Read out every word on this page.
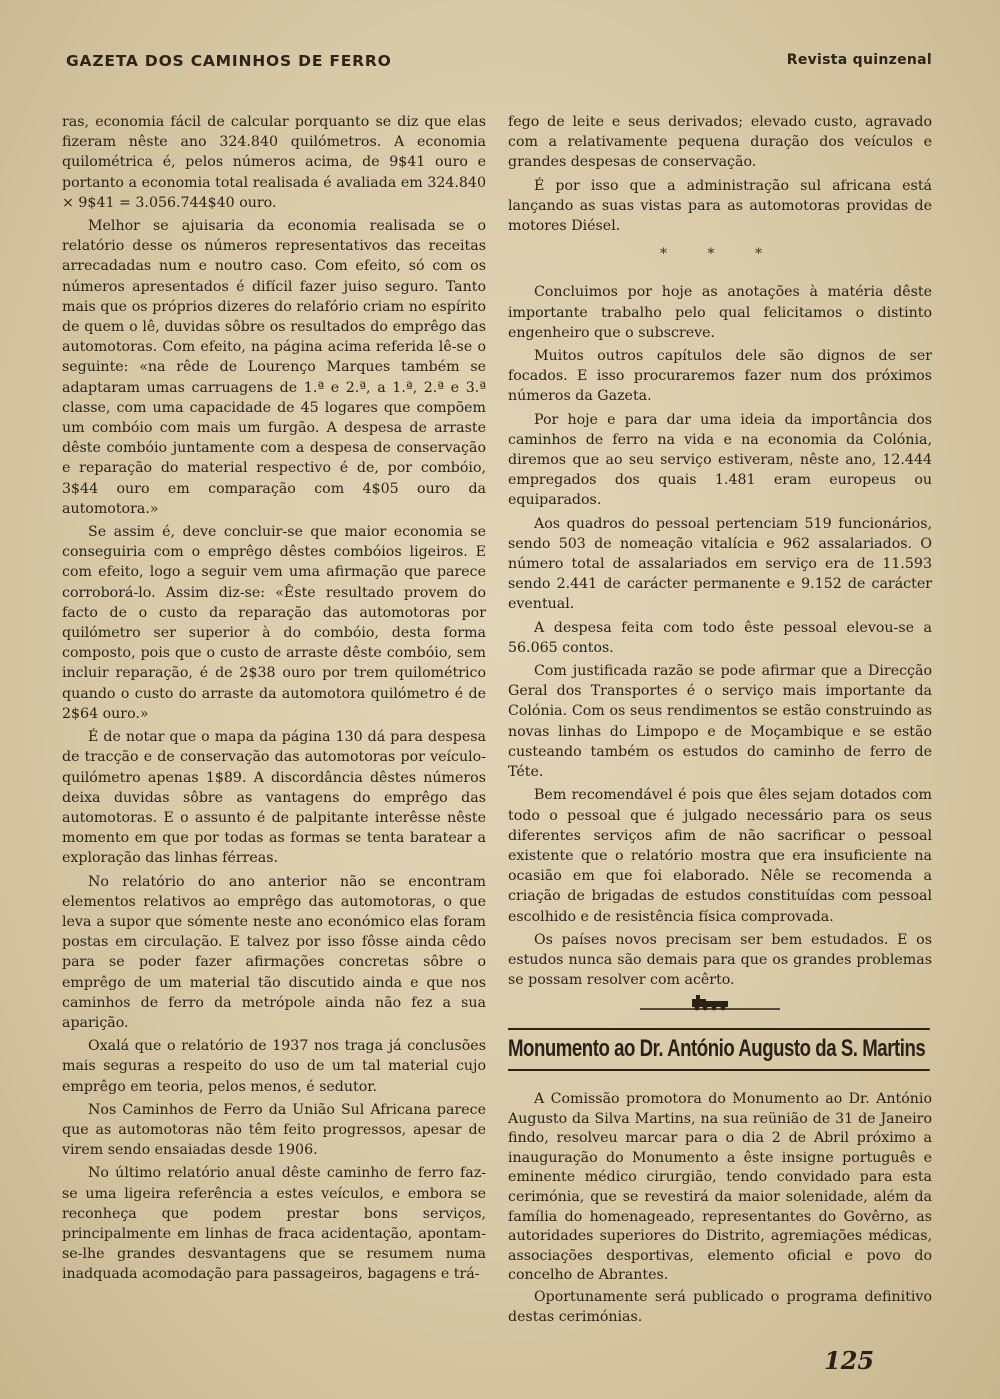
GAZETA DOS CAMINHOS DE FERRO	Revista quinzenal

ras, economia fácil de calcular porquanto se diz que elas fizeram nêste ano 324.840 quilómetros. A economia quilométrica é, pelos números acima, de 9$41 ouro e portanto a economia total realisada é avaliada em 324.840 × 9$41 = 3.056.744$40 ouro.

Melhor se ajuisaria da economia realisada se o relatório desse os números representativos das receitas arrecadadas num e noutro caso. Com efeito, só com os números apresentados é difícil fazer juiso seguro. Tanto mais que os próprios dizeres do relafório criam no espírito de quem o lê, duvidas sôbre os resultados do emprêgo das automotoras. Com efeito, na página acima referida lê-se o seguinte: «na rêde de Lourenço Marques também se adaptaram umas carruagens de 1.ª e 2.ª, a 1.ª, 2.ª e 3.ª classe, com uma capacidade de 45 logares que compõem um combóio com mais um furgão. A despesa de arraste dêste combóio juntamente com a despesa de conservação e reparação do material respectivo é de, por combóio, 3$44 ouro em comparação com 4$05 ouro da automotora.»

Se assim é, deve concluir-se que maior economia se conseguiria com o emprêgo dêstes combóios ligeiros. E com efeito, logo a seguir vem uma afirmação que parece corroborá-lo. Assim diz-se: «Êste resultado provem do facto de o custo da reparação das automotoras por quilómetro ser superior à do combóio, desta forma composto, pois que o custo de arraste dêste combóio, sem incluir reparação, é de 2$38 ouro por trem quilométrico quando o custo do arraste da automotora quilómetro é de 2$64 ouro.»

É de notar que o mapa da página 130 dá para despesa de tracção e de conservação das automotoras por veículo-quilómetro apenas 1$89. A discordância dêstes números deixa duvidas sôbre as vantagens do emprêgo das automotoras. E o assunto é de palpitante interêsse nêste momento em que por todas as formas se tenta baratear a exploração das linhas férreas.

No relatório do ano anterior não se encontram elementos relativos ao emprêgo das automotoras, o que leva a supor que sómente neste ano económico elas foram postas em circulação. E talvez por isso fôsse ainda cêdo para se poder fazer afirmações concretas sôbre o emprêgo de um material tão discutido ainda e que nos caminhos de ferro da metrópole ainda não fez a sua aparição.

Oxalá que o relatório de 1937 nos traga já conclusões mais seguras a respeito do uso de um tal material cujo emprêgo em teoria, pelos menos, é sedutor.

Nos Caminhos de Ferro da União Sul Africana parece que as automotoras não têm feito progressos, apesar de virem sendo ensaiadas desde 1906.

No último relatório anual dêste caminho de ferro faz-se uma ligeira referência a estes veículos, e embora se reconheça que podem prestar bons serviços, principalmente em linhas de fraca acidentação, apontam-se-lhe grandes desvantagens que se resumem numa inadquada acomodação para passageiros, bagagens e trá-

fego de leite e seus derivados; elevado custo, agravado com a relativamente pequena duração dos veículos e grandes despesas de conservação.

É por isso que a administração sul africana está lançando as suas vistas para as automotoras providas de motores Diésel.

* * *

Concluimos por hoje as anotações à matéria dêste importante trabalho pelo qual felicitamos o distinto engenheiro que o subscreve.

Muitos outros capítulos dele são dignos de ser focados. E isso procuraremos fazer num dos próximos números da Gazeta.

Por hoje e para dar uma ideia da importância dos caminhos de ferro na vida e na economia da Colónia, diremos que ao seu serviço estiveram, nêste ano, 12.444 empregados dos quais 1.481 eram europeus ou equiparados.

Aos quadros do pessoal pertenciam 519 funcionários, sendo 503 de nomeação vitalícia e 962 assalariados. O número total de assalariados em serviço era de 11.593 sendo 2.441 de carácter permanente e 9.152 de carácter eventual.

A despesa feita com todo êste pessoal elevou-se a 56.065 contos.

Com justificada razão se pode afirmar que a Direcção Geral dos Transportes é o serviço mais importante da Colónia. Com os seus rendimentos se estão construindo as novas linhas do Limpopo e de Moçambique e se estão custeando também os estudos do caminho de ferro de Téte.

Bem recomendável é pois que êles sejam dotados com todo o pessoal que é julgado necessário para os seus diferentes serviços afim de não sacrificar o pessoal existente que o relatório mostra que era insuficiente na ocasião em que foi elaborado. Nêle se recomenda a criação de brigadas de estudos constituídas com pessoal escolhido e de resistência física comprovada.

Os países novos precisam ser bem estudados. E os estudos nunca são demais para que os grandes problemas se possam resolver com acêrto.

Monumento ao Dr. António Augusto da S. Martins

A Comissão promotora do Monumento ao Dr. António Augusto da Silva Martins, na sua reünião de 31 de Janeiro findo, resolveu marcar para o dia 2 de Abril próximo a inauguração do Monumento a êste insigne português e eminente médico cirurgião, tendo convidado para esta cerimónia, que se revestirá da maior solenidade, além da família do homenageado, representantes do Govêrno, as autoridades superiores do Distrito, agremiações médicas, associações desportivas, elemento oficial e povo do concelho de Abrantes.

Oportunamente será publicado o programa definitivo destas cerimónias.

125
